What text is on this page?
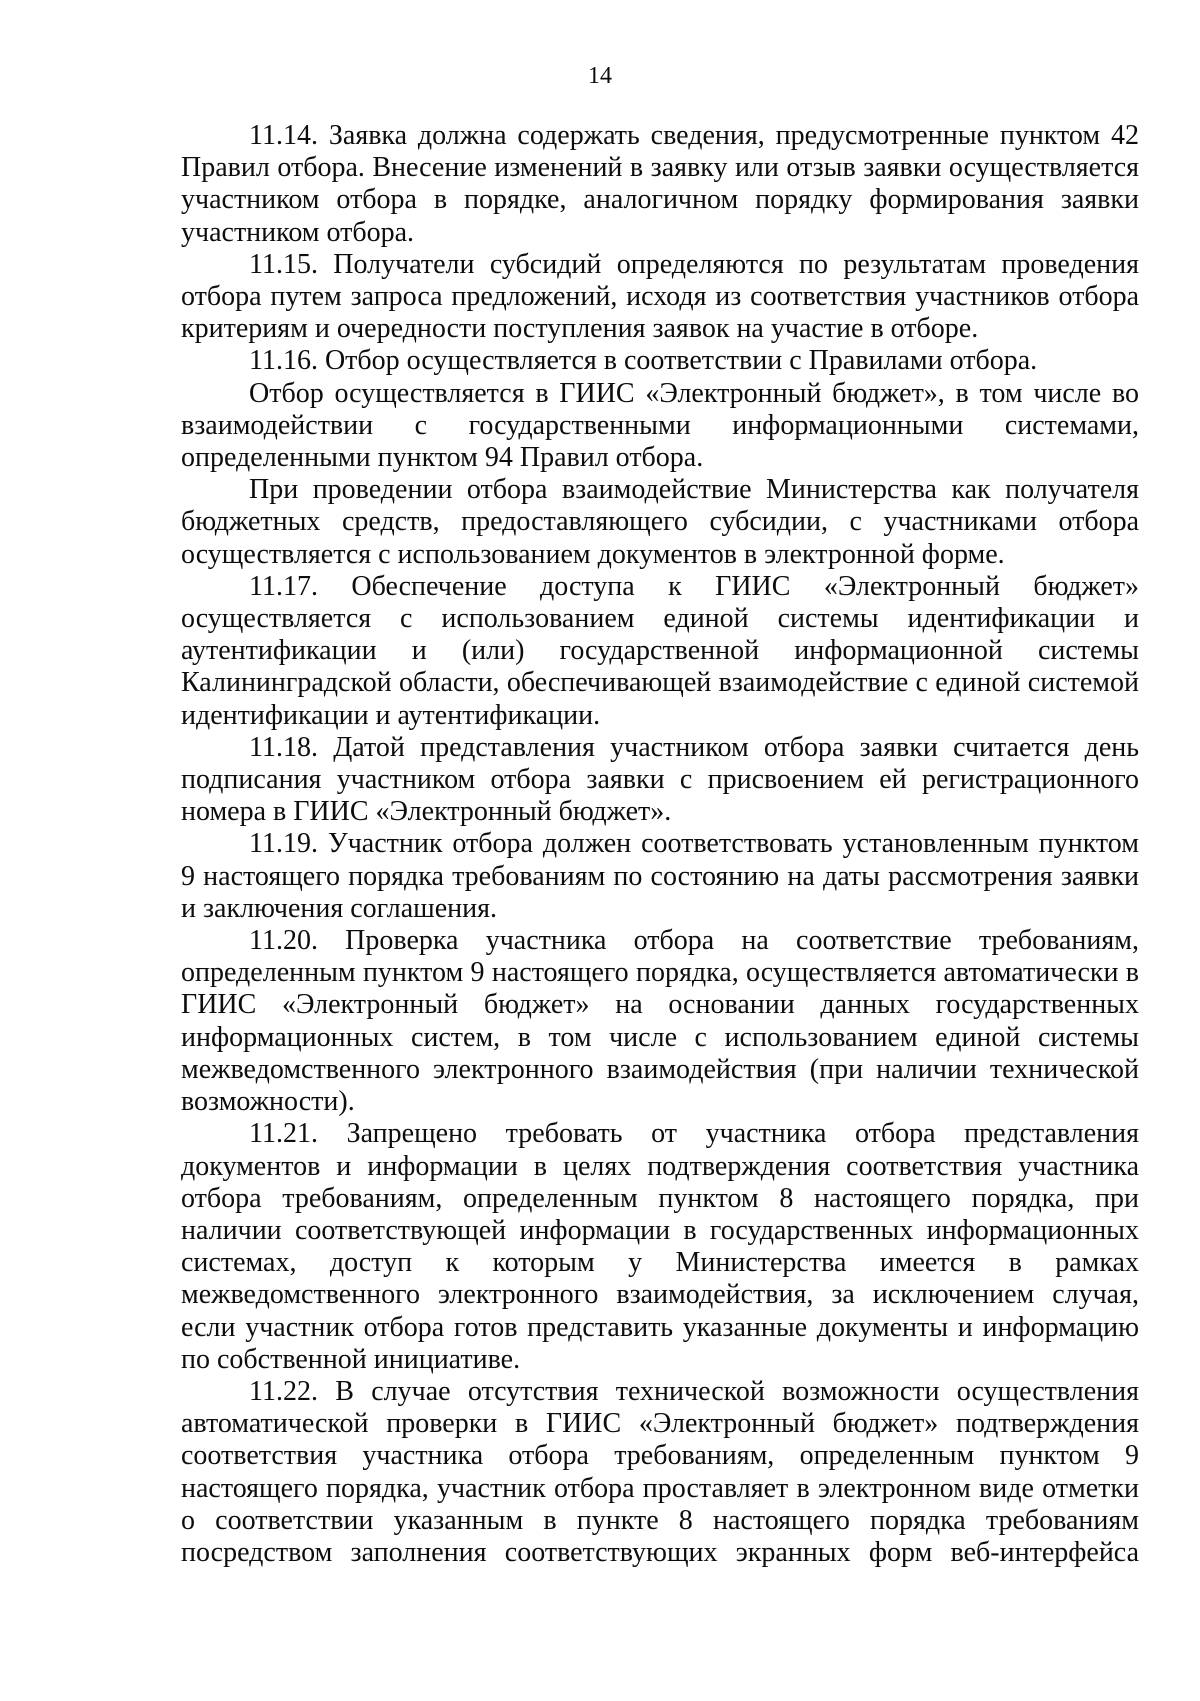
14

11.14. Заявка должна содержать сведения, предусмотренные пунктом 42 Правил отбора. Внесение изменений в заявку или отзыв заявки осуществляется участником отбора в порядке, аналогичном порядку формирования заявки участником отбора.

11.15. Получатели субсидий определяются по результатам проведения отбора путем запроса предложений, исходя из соответствия участников отбора критериям и очередности поступления заявок на участие в отборе.

11.16. Отбор осуществляется в соответствии с Правилами отбора.

Отбор осуществляется в ГИИС «Электронный бюджет», в том числе во взаимодействии с государственными информационными системами, определенными пунктом 94 Правил отбора.

При проведении отбора взаимодействие Министерства как получателя бюджетных средств, предоставляющего субсидии, с участниками отбора осуществляется с использованием документов в электронной форме.

11.17. Обеспечение доступа к ГИИС «Электронный бюджет» осуществляется с использованием единой системы идентификации и аутентификации и (или) государственной информационной системы Калининградской области, обеспечивающей взаимодействие с единой системой идентификации и аутентификации.

11.18. Датой представления участником отбора заявки считается день подписания участником отбора заявки с присвоением ей регистрационного номера в ГИИС «Электронный бюджет».

11.19. Участник отбора должен соответствовать установленным пунктом 9 настоящего порядка требованиям по состоянию на даты рассмотрения заявки и заключения соглашения.

11.20. Проверка участника отбора на соответствие требованиям, определенным пунктом 9 настоящего порядка, осуществляется автоматически в ГИИС «Электронный бюджет» на основании данных государственных информационных систем, в том числе с использованием единой системы межведомственного электронного взаимодействия (при наличии технической возможности).

11.21. Запрещено требовать от участника отбора представления документов и информации в целях подтверждения соответствия участника отбора требованиям, определенным пунктом 8 настоящего порядка, при наличии соответствующей информации в государственных информационных системах, доступ к которым у Министерства имеется в рамках межведомственного электронного взаимодействия, за исключением случая, если участник отбора готов представить указанные документы и информацию по собственной инициативе.

11.22. В случае отсутствия технической возможности осуществления автоматической проверки в ГИИС «Электронный бюджет» подтверждения соответствия участника отбора требованиям, определенным пунктом 9 настоящего порядка, участник отбора проставляет в электронном виде отметки о соответствии указанным в пункте 8 настоящего порядка требованиям посредством заполнения соответствующих экранных форм веб-интерфейса
